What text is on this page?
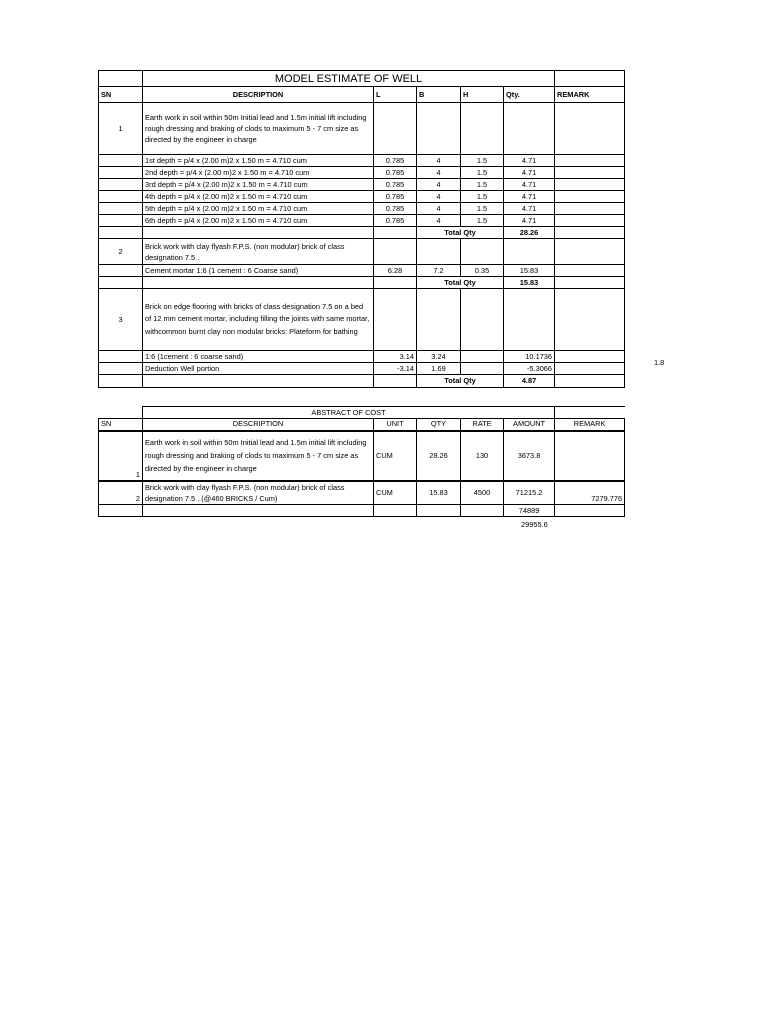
	MODEL ESTIMATE OF WELL					
SN	DESCRIPTION	L	B	H	Qty.	REMARK
1	Earth work in soil within 50m Initial lead and 1.5m initial lift including rough dressing and braking of clods to maximum 5 - 7 cm size as directed by the engineer in charge					
	1st depth = p/4 x (2.00 m)2 x 1.50 m = 4.710 cum	0.785	4	1.5	4.71	
	2nd depth = p/4 x (2.00 m)2 x 1.50 m = 4.710 cum	0.785	4	1.5	4.71	
	3rd depth = p/4 x (2.00 m)2 x 1.50 m = 4.710 cum	0.785	4	1.5	4.71	
	4th depth = p/4 x (2.00 m)2 x 1.50 m = 4.710 cum	0.785	4	1.5	4.71	
	5th depth = p/4 x (2.00 m)2 x 1.50 m = 4.710 cum	0.785	4	1.5	4.71	
	6th depth = p/4 x (2.00 m)2 x 1.50 m = 4.710 cum	0.785	4	1.5	4.71	
			Total Qty		28.26	
2	Brick work with clay flyash F.P.S. (non modular) brick of class designation 7.5 .					
	Cement mortar 1:6 (1 cement : 6 Coarse sand)	6.28	7.2	0.35	15.83	
			Total Qty		15.83	
3	Brick on edge flooring with bricks of class designation 7.5 on a bed of 12 mm cement mortar, including filling the joints with same mortar, withcommon burnt clay non modular bricks: Plateform for bathing					
	1:6 (1cement : 6 coarse sand)	3.14	3.24		10.1736	
	Deduction Well portion	-3.14	1.69		-5.3066	
			Total Qty		4.87	
1.8
	ABSTRACT OF COST					
SN	DESCRIPTION	UNIT	QTY	RATE	AMOUNT	REMARK
1	Earth work in soil within 50m Initial lead and 1.5m initial lift including rough dressing and braking of clods to maximum 5 - 7 cm size as directed by the engineer in charge	CUM	28.26	130	3673.8	
2	Brick work with clay flyash F.P.S. (non modular) brick of class designation 7.5 . (@460 BRICKS / Cum)	CUM	15.83	4500	71215.2	7279.776
					74889	
29955.6
